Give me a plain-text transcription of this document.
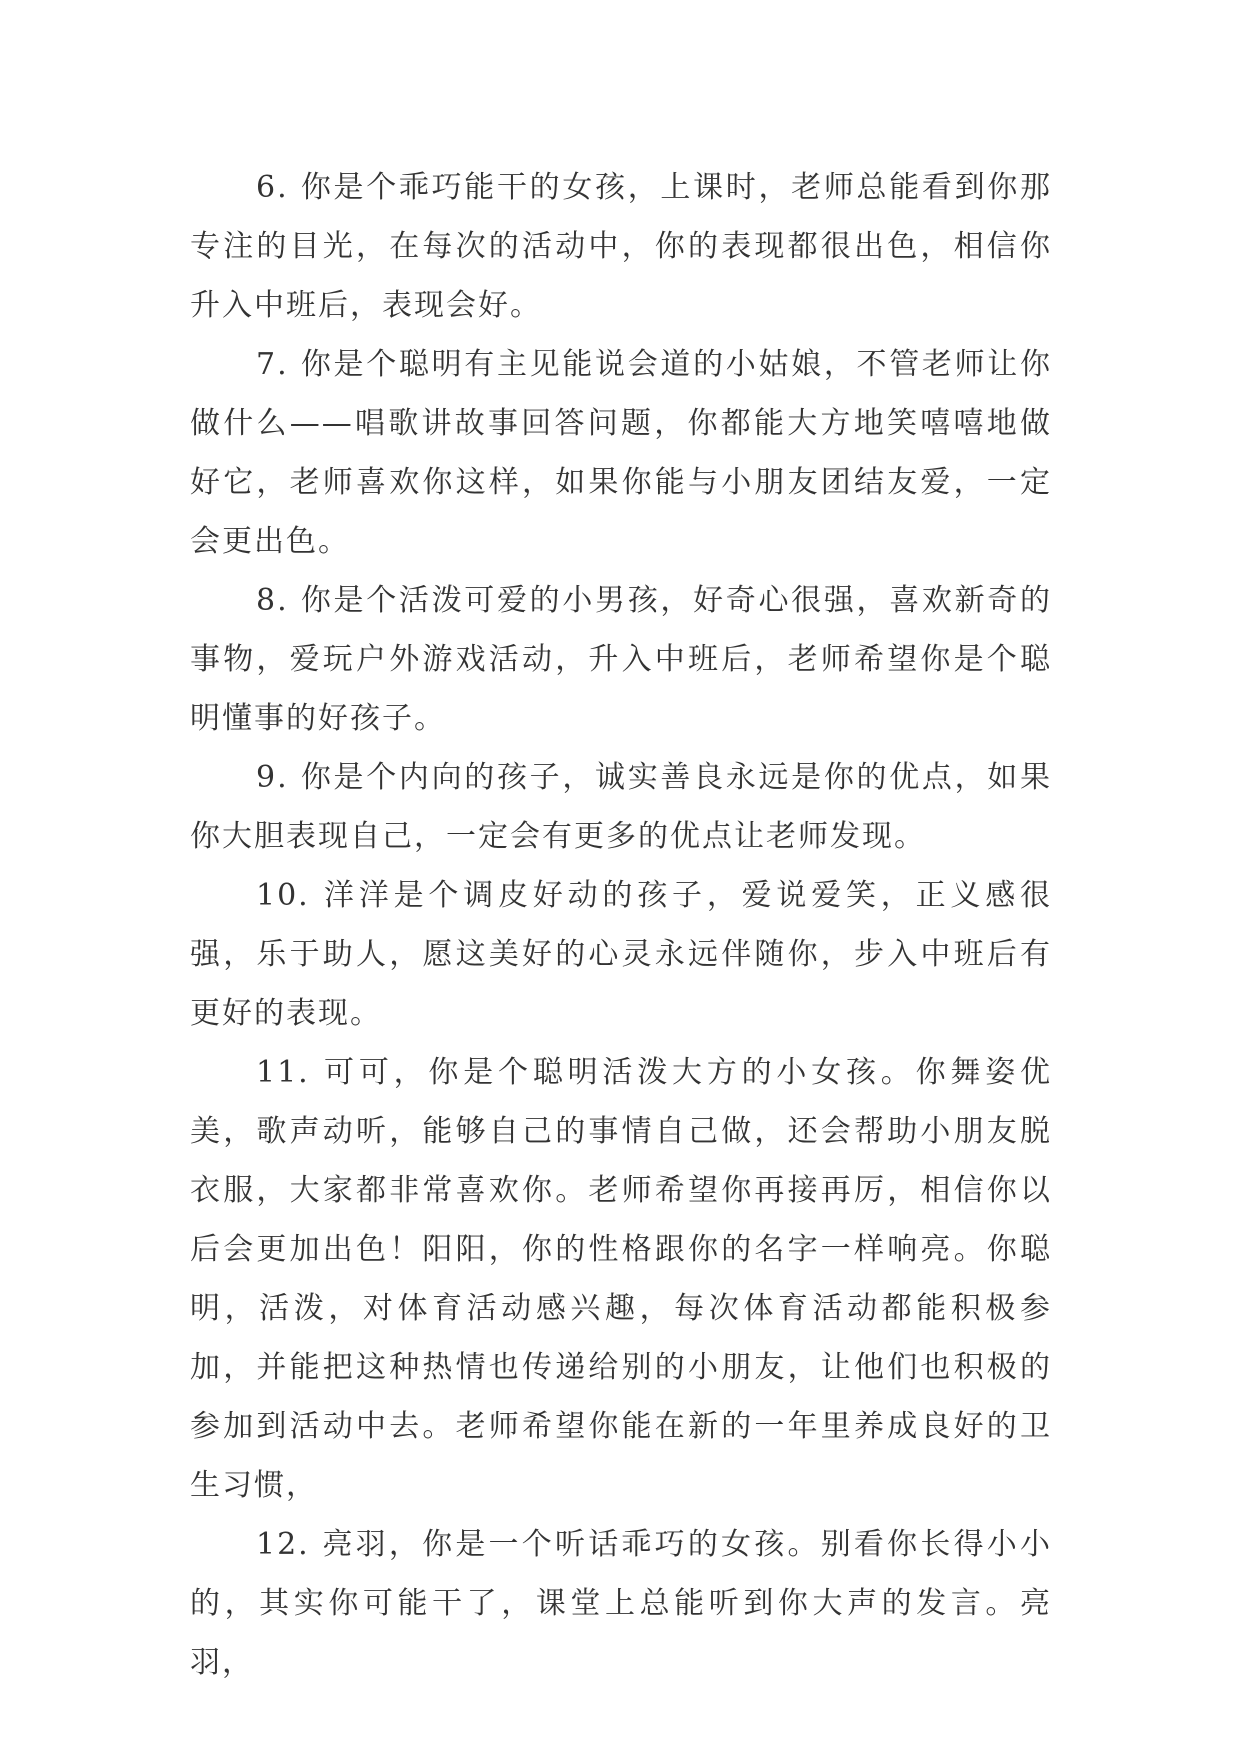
6. 你是个乖巧能干的女孩，上课时，老师总能看到你那专注的目光，在每次的活动中，你的表现都很出色，相信你升入中班后，表现会好。

7. 你是个聪明有主见能说会道的小姑娘，不管老师让你做什么——唱歌讲故事回答问题，你都能大方地笑嘻嘻地做好它，老师喜欢你这样，如果你能与小朋友团结友爱，一定会更出色。

8. 你是个活泼可爱的小男孩，好奇心很强，喜欢新奇的事物，爱玩户外游戏活动，升入中班后，老师希望你是个聪明懂事的好孩子。

9. 你是个内向的孩子，诚实善良永远是你的优点，如果你大胆表现自己，一定会有更多的优点让老师发现。

10. 洋洋是个调皮好动的孩子，爱说爱笑，正义感很强，乐于助人，愿这美好的心灵永远伴随你，步入中班后有更好的表现。

11. 可可，你是个聪明活泼大方的小女孩。你舞姿优美，歌声动听，能够自己的事情自己做，还会帮助小朋友脱衣服，大家都非常喜欢你。老师希望你再接再厉，相信你以后会更加出色！阳阳，你的性格跟你的名字一样响亮。你聪明，活泼，对体育活动感兴趣，每次体育活动都能积极参加，并能把这种热情也传递给别的小朋友，让他们也积极的参加到活动中去。老师希望你能在新的一年里养成良好的卫生习惯，

12. 亮羽，你是一个听话乖巧的女孩。别看你长得小小的，其实你可能干了，课堂上总能听到你大声的发言。亮羽，
